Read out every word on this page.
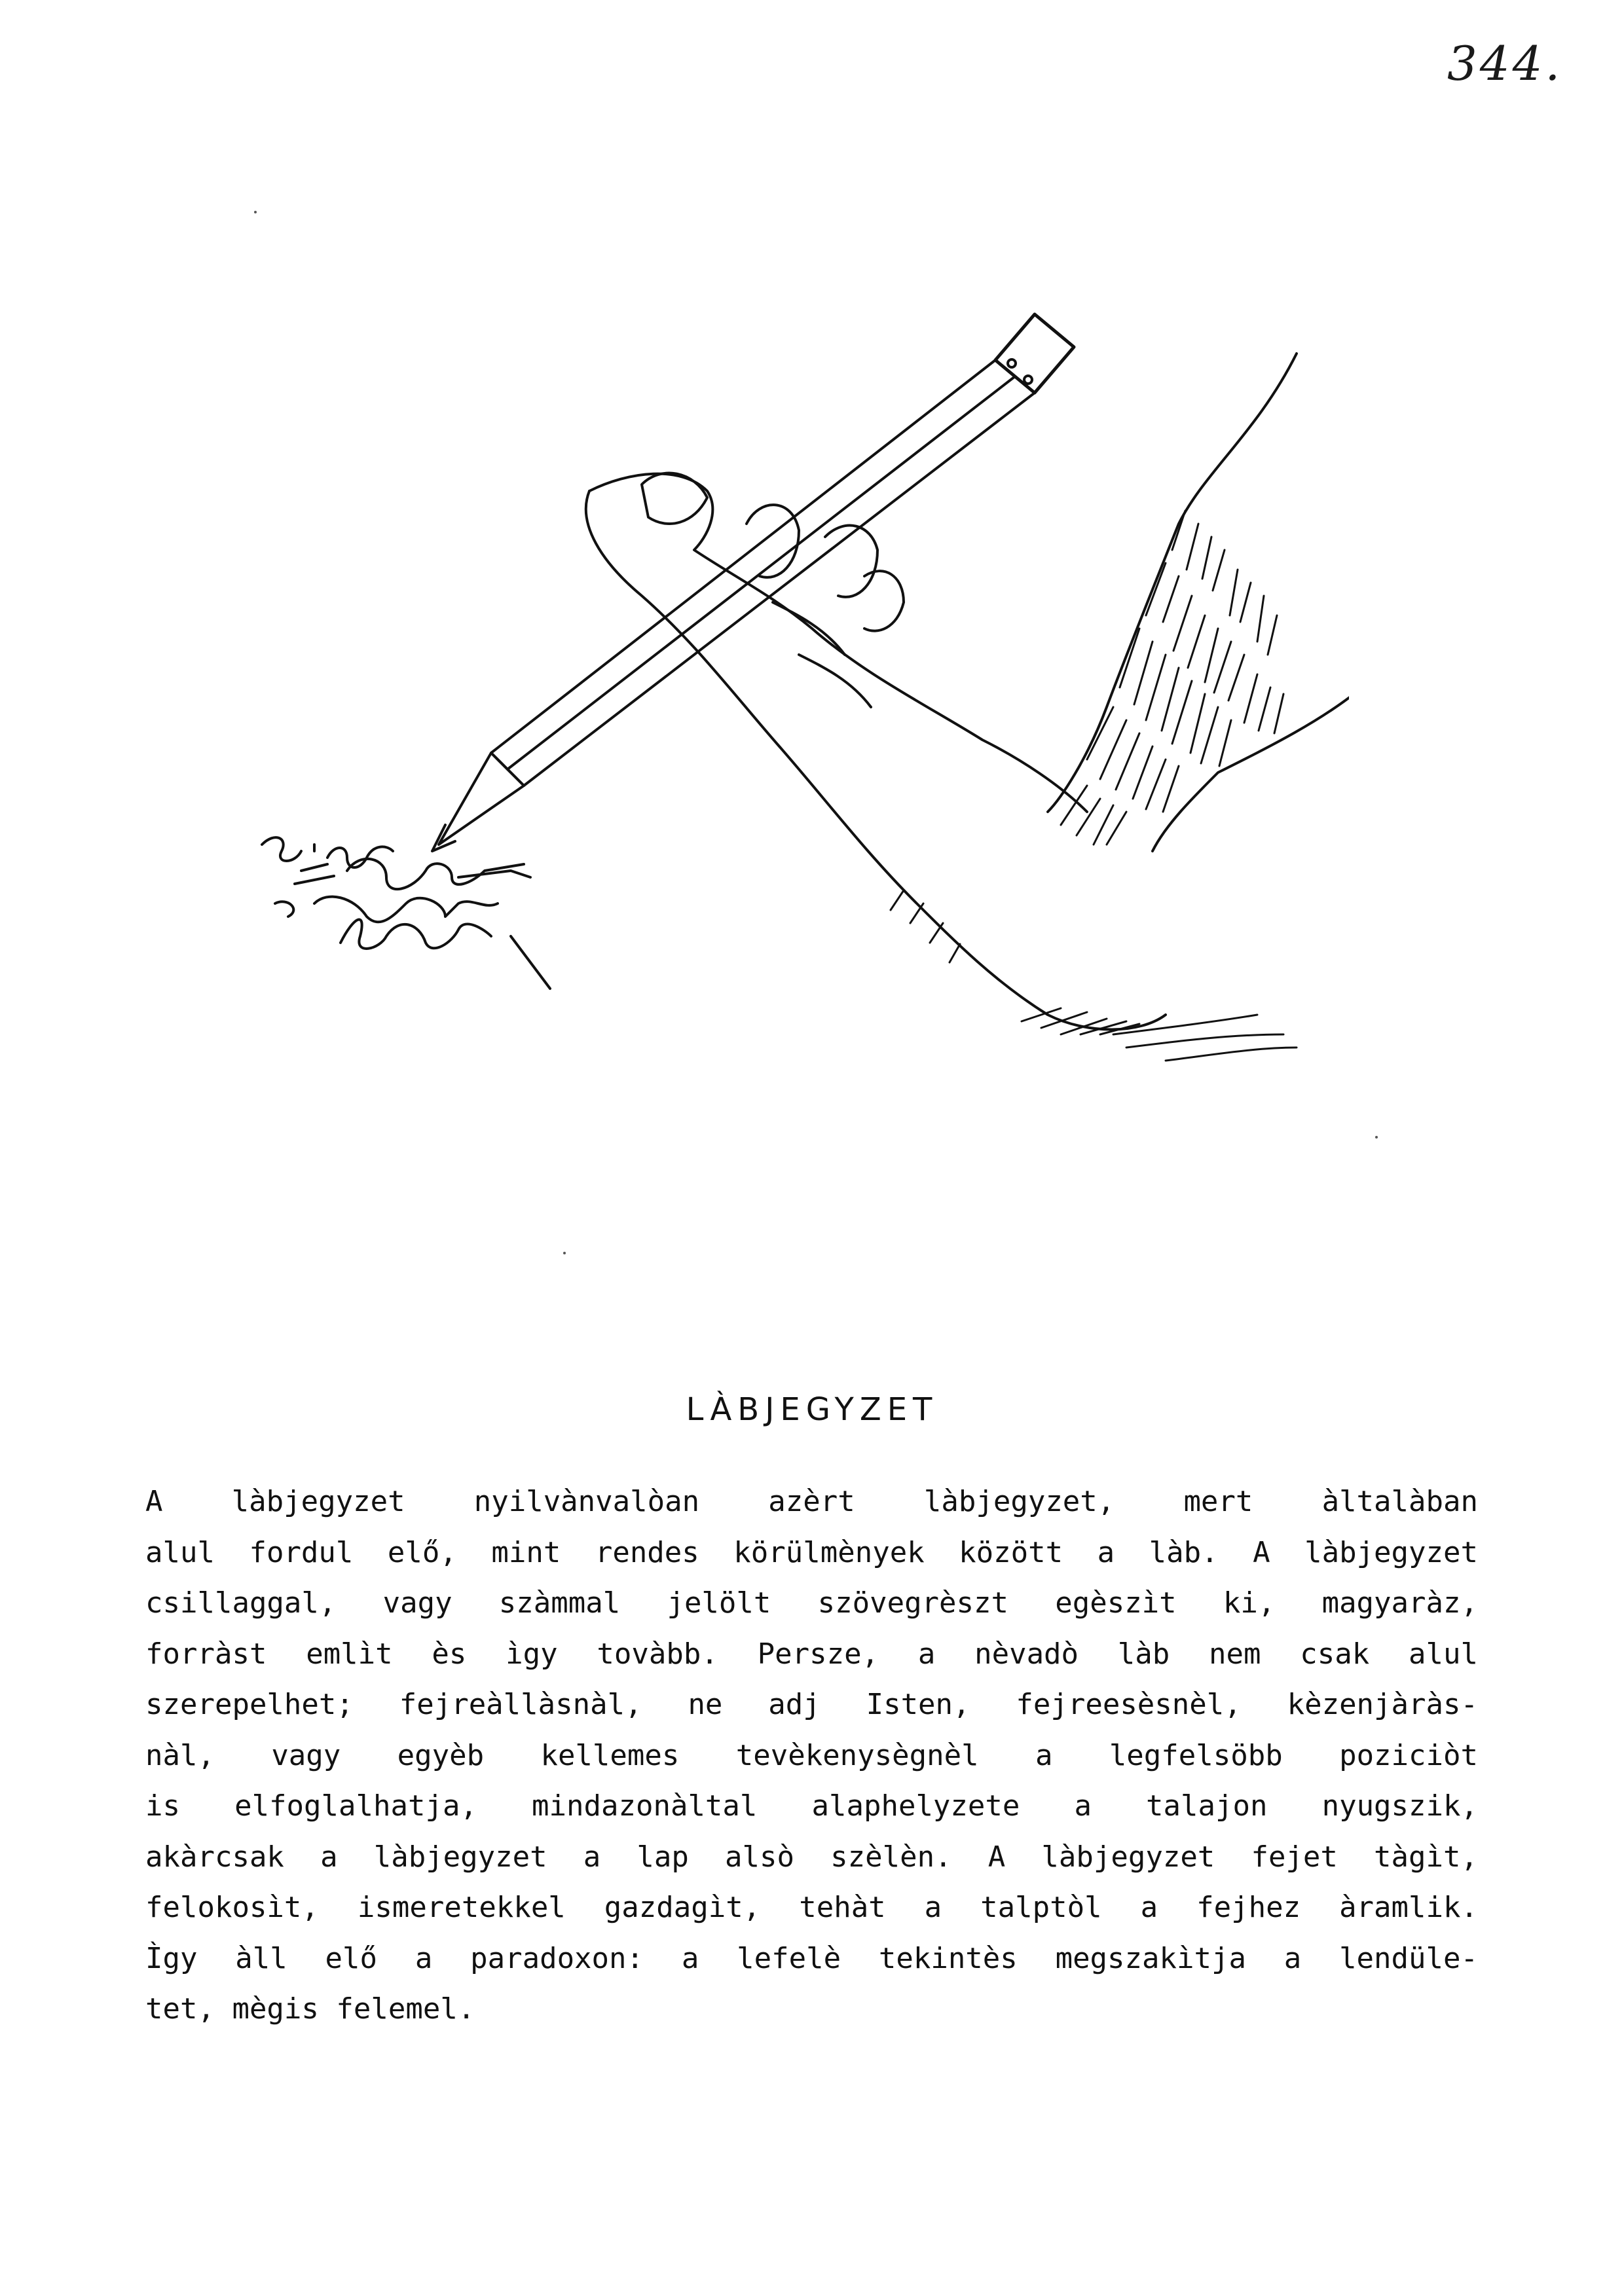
344.
LÀBJEGYZET
A làbjegyzet nyilvànvalòan azèrt làbjegyzet, mert àltalàban
alul fordul elő, mint rendes körülmènyek között a làb. A làbjegyzet
csillaggal, vagy szàmmal jelölt szövegrèszt egèszìt ki, magyaràz,
forràst emlìt ès ìgy tovàbb. Persze, a nèvadò làb nem csak alul
szerepelhet; fejreàllàsnàl, ne adj Isten, fejreesèsnèl, kèzenjàràs-
nàl, vagy egyèb kellemes tevèkenysègnèl a legfelsöbb poziciòt
is elfoglalhatja, mindazonàltal alaphelyzete a talajon nyugszik,
akàrcsak a làbjegyzet a lap alsò szèlèn. A làbjegyzet fejet tàgìt,
felokosìt, ismeretekkel gazdagìt, tehàt a talptòl a fejhez àramlik.
Ìgy àll elő a paradoxon: a lefelè tekintès megszakìtja a lendüle-
tet, mègis felemel.
